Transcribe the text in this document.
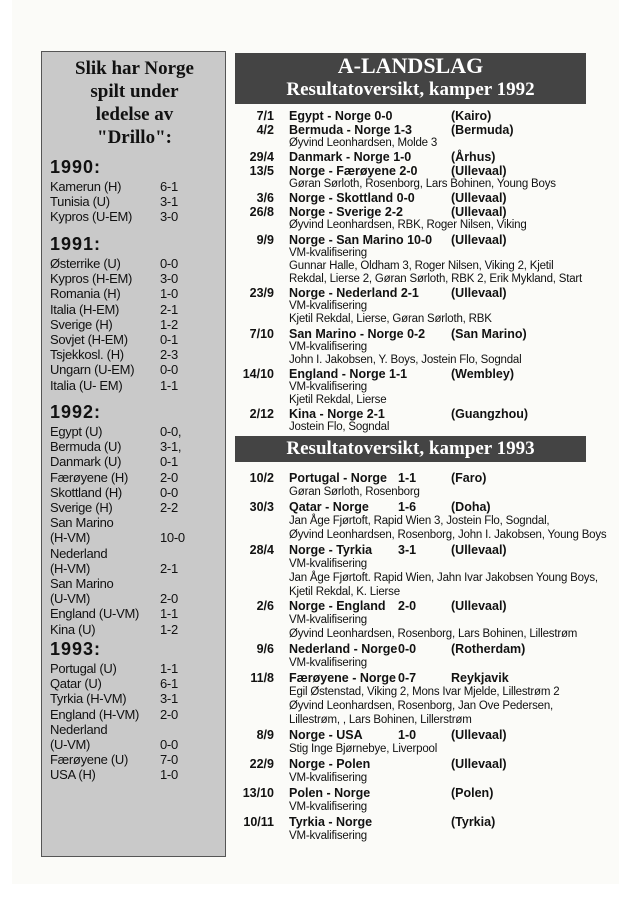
Slik har Norge
spilt under
ledelse av
"Drillo":
1990:
Kamerun (H)	6-1
Tunisia (U)	3-1
Kypros (U-EM) 3-0
1991:
Østerrike (U)	0-0
Kypros (H-EM) 3-0
Romania (H)	1-0
Italia (H-EM)	2-1
Sverige (H)	1-2
Sovjet (H-EM) 0-1
Tsjekkosl. (H)	2-3
Ungarn (U-EM) 0-0
Italia (U- EM)	1-1
1992:
Egypt (U)	0-0,
Bermuda (U)	3-1,
Danmark (U)	0-1
Færøyene (H) 2-0
Skottland (H)	0-0
Sverige (H)	2-2
San Marino
(H-VM)	10-0
Nederland
(H-VM)	2-1
San Marino
(U-VM)	2-0
England (U-VM) 1-1
Kina (U)	1-2
1993:
Portugal (U)	1-1
Qatar (U)	6-1
Tyrkia (H-VM)	3-1
England (H-VM) 2-0
Nederland
(U-VM)	0-0
Færøyene (U) 7-0
USA (H)	1-0
A-LANDSLAG
Resultatoversikt, kamper 1992
7/1 Egypt - Norge 0-0	(Kairo)
4/2 Bermuda - Norge 1-3	(Bermuda)
Øyvind Leonhardsen, Molde 3
29/4 Danmark - Norge 1-0	(Århus)
13/5 Norge - Færøyene 2-0	(Ullevaal)
Gøran Sørloth, Rosenborg, Lars Bohinen, Young Boys
3/6 Norge - Skottland 0-0	(Ullevaal)
26/8 Norge - Sverige 2-2	(Ullevaal)
Øyvind Leonhardsen, RBK, Roger Nilsen, Viking
9/9 Norge - San Marino 10-0 (Ullevaal)
VM-kvalifisering
Gunnar Halle, Oldham 3, Roger Nilsen, Viking 2, Kjetil
Rekdal, Lierse 2, Gøran Sørloth, RBK 2, Erik Mykland, Start
23/9 Norge - Nederland 2-1	(Ullevaal)
VM-kvalifisering
Kjetil Rekdal, Lierse, Gøran Sørloth, RBK
7/10 San Marino - Norge 0-2 (San Marino)
VM-kvalifisering
John I. Jakobsen, Y. Boys, Jostein Flo, Sogndal
14/10 England - Norge 1-1	(Wembley)
VM-kvalifisering
Kjetil Rekdal, Lierse
2/12 Kina - Norge 2-1	(Guangzhou)
Jostein Flo, Sogndal
Resultatoversikt, kamper 1993
10/2 Portugal - Norge 1-1	(Faro)
Gøran Sørloth, Rosenborg
30/3 Qatar - Norge 1-6	(Doha)
Jan Åge Fjørtoft, Rapid Wien 3, Jostein Flo, Sogndal,
Øyvind Leonhardsen, Rosenborg, John I. Jakobsen, Young Boys
28/4 Norge - Tyrkia 3-1	(Ullevaal)
VM-kvalifisering
Jan Åge Fjørtoft. Rapid Wien, Jahn Ivar Jakobsen Young Boys,
Kjetil Rekdal, K. Lierse
2/6 Norge - England 2-0	(Ullevaal)
VM-kvalifisering
Øyvind Leonhardsen, Rosenborg, Lars Bohinen, Lillestrøm
9/6 Nederland - Norge 0-0	(Rotherdam)
VM-kvalifisering
11/8 Færøyene - Norge 0-7	Reykjavik
Egil Østenstad, Viking 2, Mons Ivar Mjelde, Lillestrøm 2
Øyvind Leonhardsen, Rosenborg, Jan Ove Pedersen,
Lillestrøm, , Lars Bohinen, Lillerstrøm
8/9 Norge - USA	1-0	(Ullevaal)
Stig Inge Bjørnebye, Liverpool
22/9 Norge - Polen	(Ullevaal)
VM-kvalifisering
13/10 Polen - Norge	(Polen)
VM-kvalifisering
10/11 Tyrkia - Norge	(Tyrkia)
VM-kvalifisering
